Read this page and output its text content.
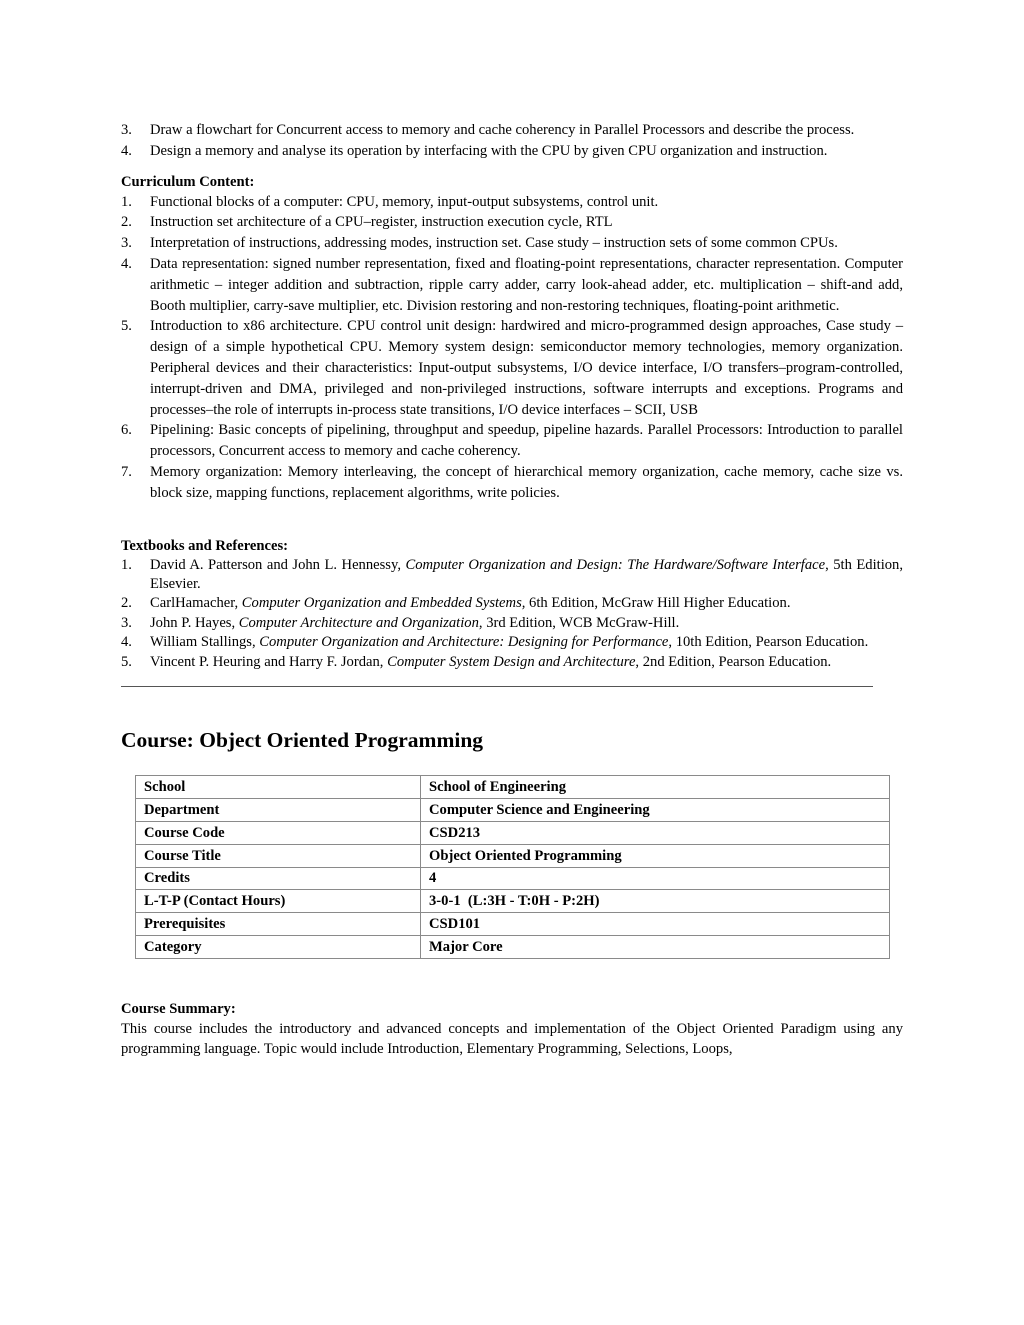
3.	Draw a flowchart for Concurrent access to memory and cache coherency in Parallel Processors and describe the process.
4.	Design a memory and analyse its operation by interfacing with the CPU by given CPU organization and instruction.

Curriculum Content:

1.	Functional blocks of a computer: CPU, memory, input-output subsystems, control unit.
2.	Instruction set architecture of a CPU–register, instruction execution cycle, RTL
3.	Interpretation of instructions, addressing modes, instruction set. Case study – instruction sets of some common CPUs.
4.	Data representation: signed number representation, fixed and floating-point representations, character representation. Computer arithmetic – integer addition and subtraction, ripple carry adder, carry look-ahead adder, etc. multiplication – shift-and add, Booth multiplier, carry-save multiplier, etc. Division restoring and non-restoring techniques, floating-point arithmetic.
5.	Introduction to x86 architecture. CPU control unit design: hardwired and micro-programmed design approaches, Case study – design of a simple hypothetical CPU. Memory system design: semiconductor memory technologies, memory organization. Peripheral devices and their characteristics: Input-output subsystems, I/O device interface, I/O transfers–program-controlled, interrupt-driven and DMA, privileged and non-privileged instructions, software interrupts and exceptions. Programs and processes–the role of interrupts in-process state transitions, I/O device interfaces – SCII, USB
6.	Pipelining: Basic concepts of pipelining, throughput and speedup, pipeline hazards. Parallel Processors: Introduction to parallel processors, Concurrent access to memory and cache coherency.
7.	Memory organization: Memory interleaving, the concept of hierarchical memory organization, cache memory, cache size vs. block size, mapping functions, replacement algorithms, write policies.

Textbooks and References:

1.	David A. Patterson and John L. Hennessy, Computer Organization and Design: The Hardware/Software Interface, 5th Edition, Elsevier.
2.	CarlHamacher, Computer Organization and Embedded Systems, 6th Edition, McGraw Hill Higher Education.
3.	John P. Hayes, Computer Architecture and Organization, 3rd Edition, WCB McGraw-Hill.
4.	William Stallings, Computer Organization and Architecture: Designing for Performance, 10th Edition, Pearson Education.
5.	Vincent P. Heuring and Harry F. Jordan, Computer System Design and Architecture, 2nd Edition, Pearson Education.
Course: Object Oriented Programming
School	School of Engineering
Department	Computer Science and Engineering
Course Code	CSD213
Course Title	Object Oriented Programming
Credits	4
L-T-P (Contact Hours)	3-0-1  (L:3H - T:0H - P:2H)
Prerequisites	CSD101
Category	Major Core

Course Summary:

This course includes the introductory and advanced concepts and implementation of the Object Oriented Paradigm using any programming language. Topic would include Introduction, Elementary Programming, Selections, Loops,
